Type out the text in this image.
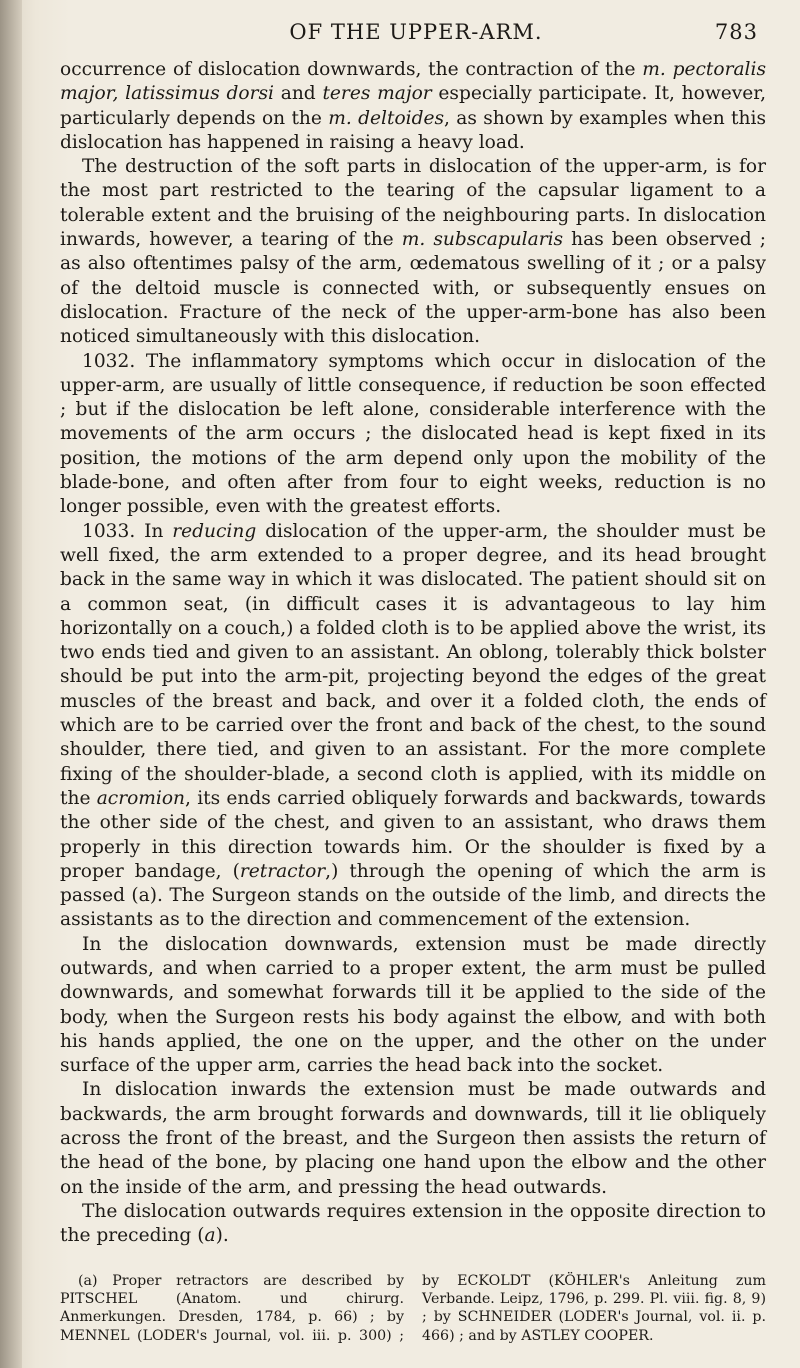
OF THE UPPER-ARM.	783

occurrence of dislocation downwards, the contraction of the m. pectoralis major, latissimus dorsi and teres major especially participate. It, however, particularly depends on the m. deltoides, as shown by examples when this dislocation has happened in raising a heavy load.

The destruction of the soft parts in dislocation of the upper-arm, is for the most part restricted to the tearing of the capsular ligament to a tolerable extent and the bruising of the neighbouring parts. In dislocation inwards, however, a tearing of the m. subscapularis has been observed ; as also oftentimes palsy of the arm, œdematous swelling of it ; or a palsy of the deltoid muscle is connected with, or subsequently ensues on dislocation. Fracture of the neck of the upper-arm-bone has also been noticed simultaneously with this dislocation.

1032. The inflammatory symptoms which occur in dislocation of the upper-arm, are usually of little consequence, if reduction be soon effected ; but if the dislocation be left alone, considerable interference with the movements of the arm occurs ; the dislocated head is kept fixed in its position, the motions of the arm depend only upon the mobility of the blade-bone, and often after from four to eight weeks, reduction is no longer possible, even with the greatest efforts.

1033. In reducing dislocation of the upper-arm, the shoulder must be well fixed, the arm extended to a proper degree, and its head brought back in the same way in which it was dislocated. The patient should sit on a common seat, (in difficult cases it is advantageous to lay him horizontally on a couch,) a folded cloth is to be applied above the wrist, its two ends tied and given to an assistant. An oblong, tolerably thick bolster should be put into the arm-pit, projecting beyond the edges of the great muscles of the breast and back, and over it a folded cloth, the ends of which are to be carried over the front and back of the chest, to the sound shoulder, there tied, and given to an assistant. For the more complete fixing of the shoulder-blade, a second cloth is applied, with its middle on the acromion, its ends carried obliquely forwards and backwards, towards the other side of the chest, and given to an assistant, who draws them properly in this direction towards him. Or the shoulder is fixed by a proper bandage, (retractor,) through the opening of which the arm is passed (a). The Surgeon stands on the outside of the limb, and directs the assistants as to the direction and commencement of the extension.

In the dislocation downwards, extension must be made directly outwards, and when carried to a proper extent, the arm must be pulled downwards, and somewhat forwards till it be applied to the side of the body, when the Surgeon rests his body against the elbow, and with both his hands applied, the one on the upper, and the other on the under surface of the upper arm, carries the head back into the socket.

In dislocation inwards the extension must be made outwards and backwards, the arm brought forwards and downwards, till it lie obliquely across the front of the breast, and the Surgeon then assists the return of the head of the bone, by placing one hand upon the elbow and the other on the inside of the arm, and pressing the head outwards.

The dislocation outwards requires extension in the opposite direction to the preceding (a).

(a) Proper retractors are described by PITSCHEL (Anatom. und chirurg. Anmerkungen. Dresden, 1784, p. 66) ; by MENNEL (LODER's Journal, vol. iii. p. 300) ; by ECKOLDT (KÖHLER's Anleitung zum Verbande. Leipz, 1796, p. 299. Pl. viii. fig. 8, 9) ; by SCHNEIDER (LODER's Journal, vol. ii. p. 466) ; and by ASTLEY COOPER.
